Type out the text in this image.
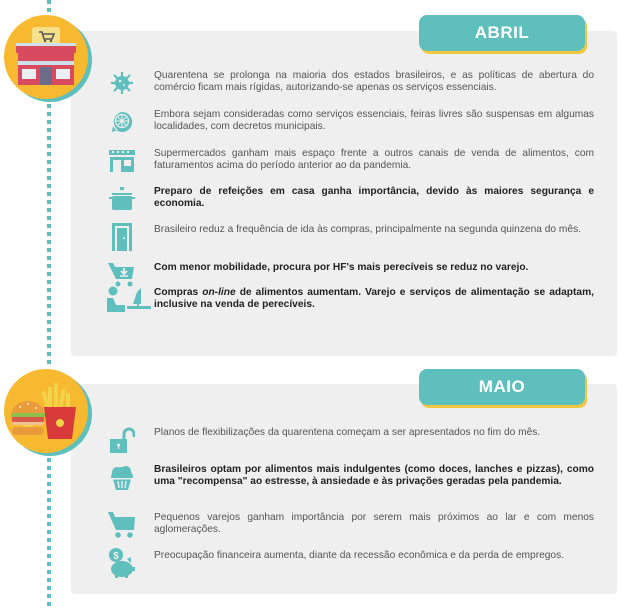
ABRIL
Quarentena se prolonga na maioria dos estados brasileiros, e as políticas de abertura do comércio ficam mais rígidas, autorizando-se apenas os serviços essenciais.
Embora sejam consideradas como serviços essenciais, feiras livres são suspensas em algumas localidades, com decretos municipais.
Supermercados ganham mais espaço frente a outros canais de venda de alimentos, com faturamentos acima do período anterior ao da pandemia.
Preparo de refeições em casa ganha importância, devido às maiores segurança e economia.
Brasileiro reduz a frequência de ida às compras, principalmente na segunda quinzena do mês.
Com menor mobilidade, procura por HF's mais perecíveis se reduz no varejo.
Compras on-line de alimentos aumentam. Varejo e serviços de alimentação se adaptam, inclusive na venda de perecíveis.
MAIO
Planos de flexibilizações da quarentena começam a ser apresentados no fim do mês.
Brasileiros optam por alimentos mais indulgentes (como doces, lanches e pizzas), como uma "recompensa" ao estresse, à ansiedade e às privações geradas pela pandemia.
Pequenos varejos ganham importância por serem mais próximos ao lar e com menos aglomerações.
$	Preocupação financeira aumenta, diante da recessão econômica e da perda de empregos.
